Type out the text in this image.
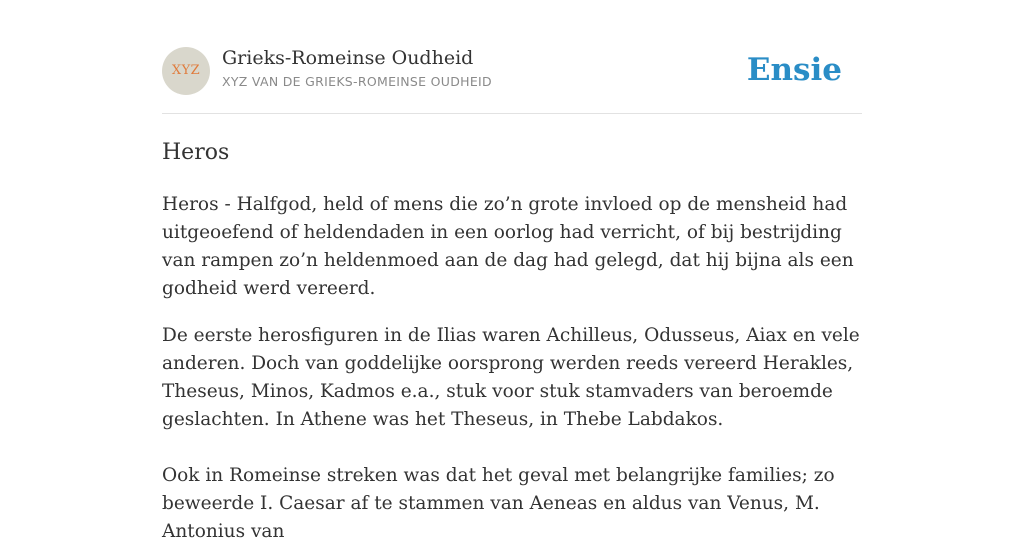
XYZ
Grieks-Romeinse Oudheid
XYZ VAN DE GRIEKS-ROMEINSE OUDHEID	Ensie
Heros

Heros - Halfgod, held of mens die zo’n grote invloed op de mensheid had uitgeoefend of heldendaden in een oorlog had verricht, of bij bestrijding van rampen zo’n heldenmoed aan de dag had gelegd, dat hij bijna als een godheid werd vereerd.

De eerste herosfiguren in de Ilias waren Achilleus, Odusseus, Aiax en vele anderen. Doch van goddelijke oorsprong werden reeds vereerd Herakles, Theseus, Minos, Kadmos e.a., stuk voor stuk stamvaders van beroemde geslachten. In Athene was het Theseus, in Thebe Labdakos.

Ook in Romeinse streken was dat het geval met belangrijke families; zo beweerde I. Caesar af te stammen van Aeneas en aldus van Venus, M. Antonius van
